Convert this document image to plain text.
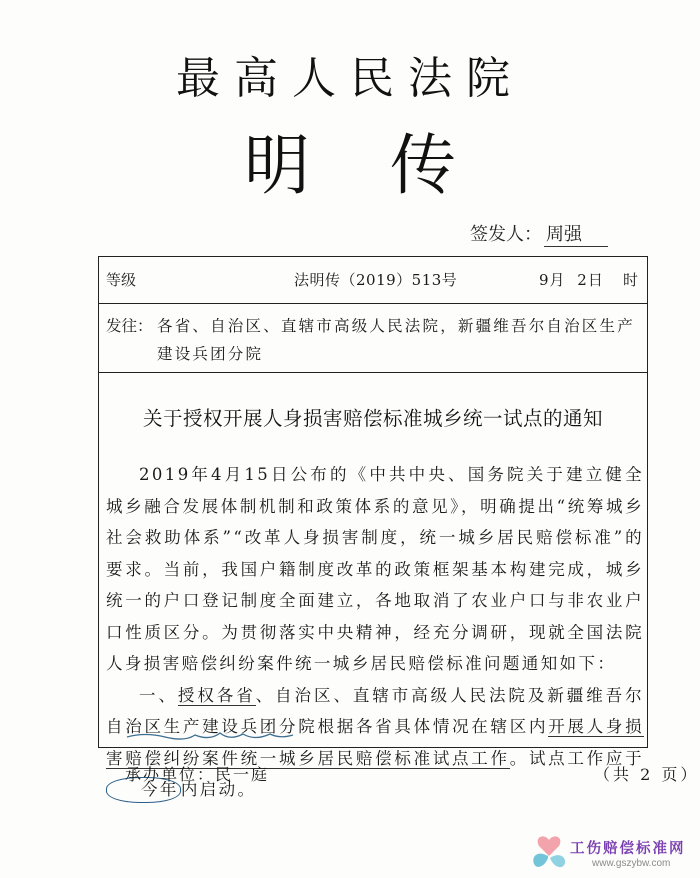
最高人民法院
明传
签发人： 周强
等级	法明传（2019）513号	9月 2日 时
发往： 各省、自治区、直辖市高级人民法院，新疆维吾尔自治区生产
建设兵团分院
关于授权开展人身损害赔偿标准城乡统一试点的通知

2019年4月15日公布的《中共中央、国务院关于建立健全城乡融合发展体制机制和政策体系的意见》，明确提出“统筹城乡社会救助体系”“改革人身损害制度，统一城乡居民赔偿标准”的要求。当前，我国户籍制度改革的政策框架基本构建完成，城乡统一的户口登记制度全面建立，各地取消了农业户口与非农业户口性质区分。为贯彻落实中央精神，经充分调研，现就全国法院人身损害赔偿纠纷案件统一城乡居民赔偿标准问题通知如下：

一、授权各省、自治区、直辖市高级人民法院及新疆维吾尔自治区生产建设兵团分院根据各省具体情况在辖区内开展人身损害赔偿纠纷案件统一城乡居民赔偿标准试点工作。试点工作应于今年 内启动。

承办单位：民一庭	（共 2 页）
工伤赔偿标准网
www.gszybw.com
